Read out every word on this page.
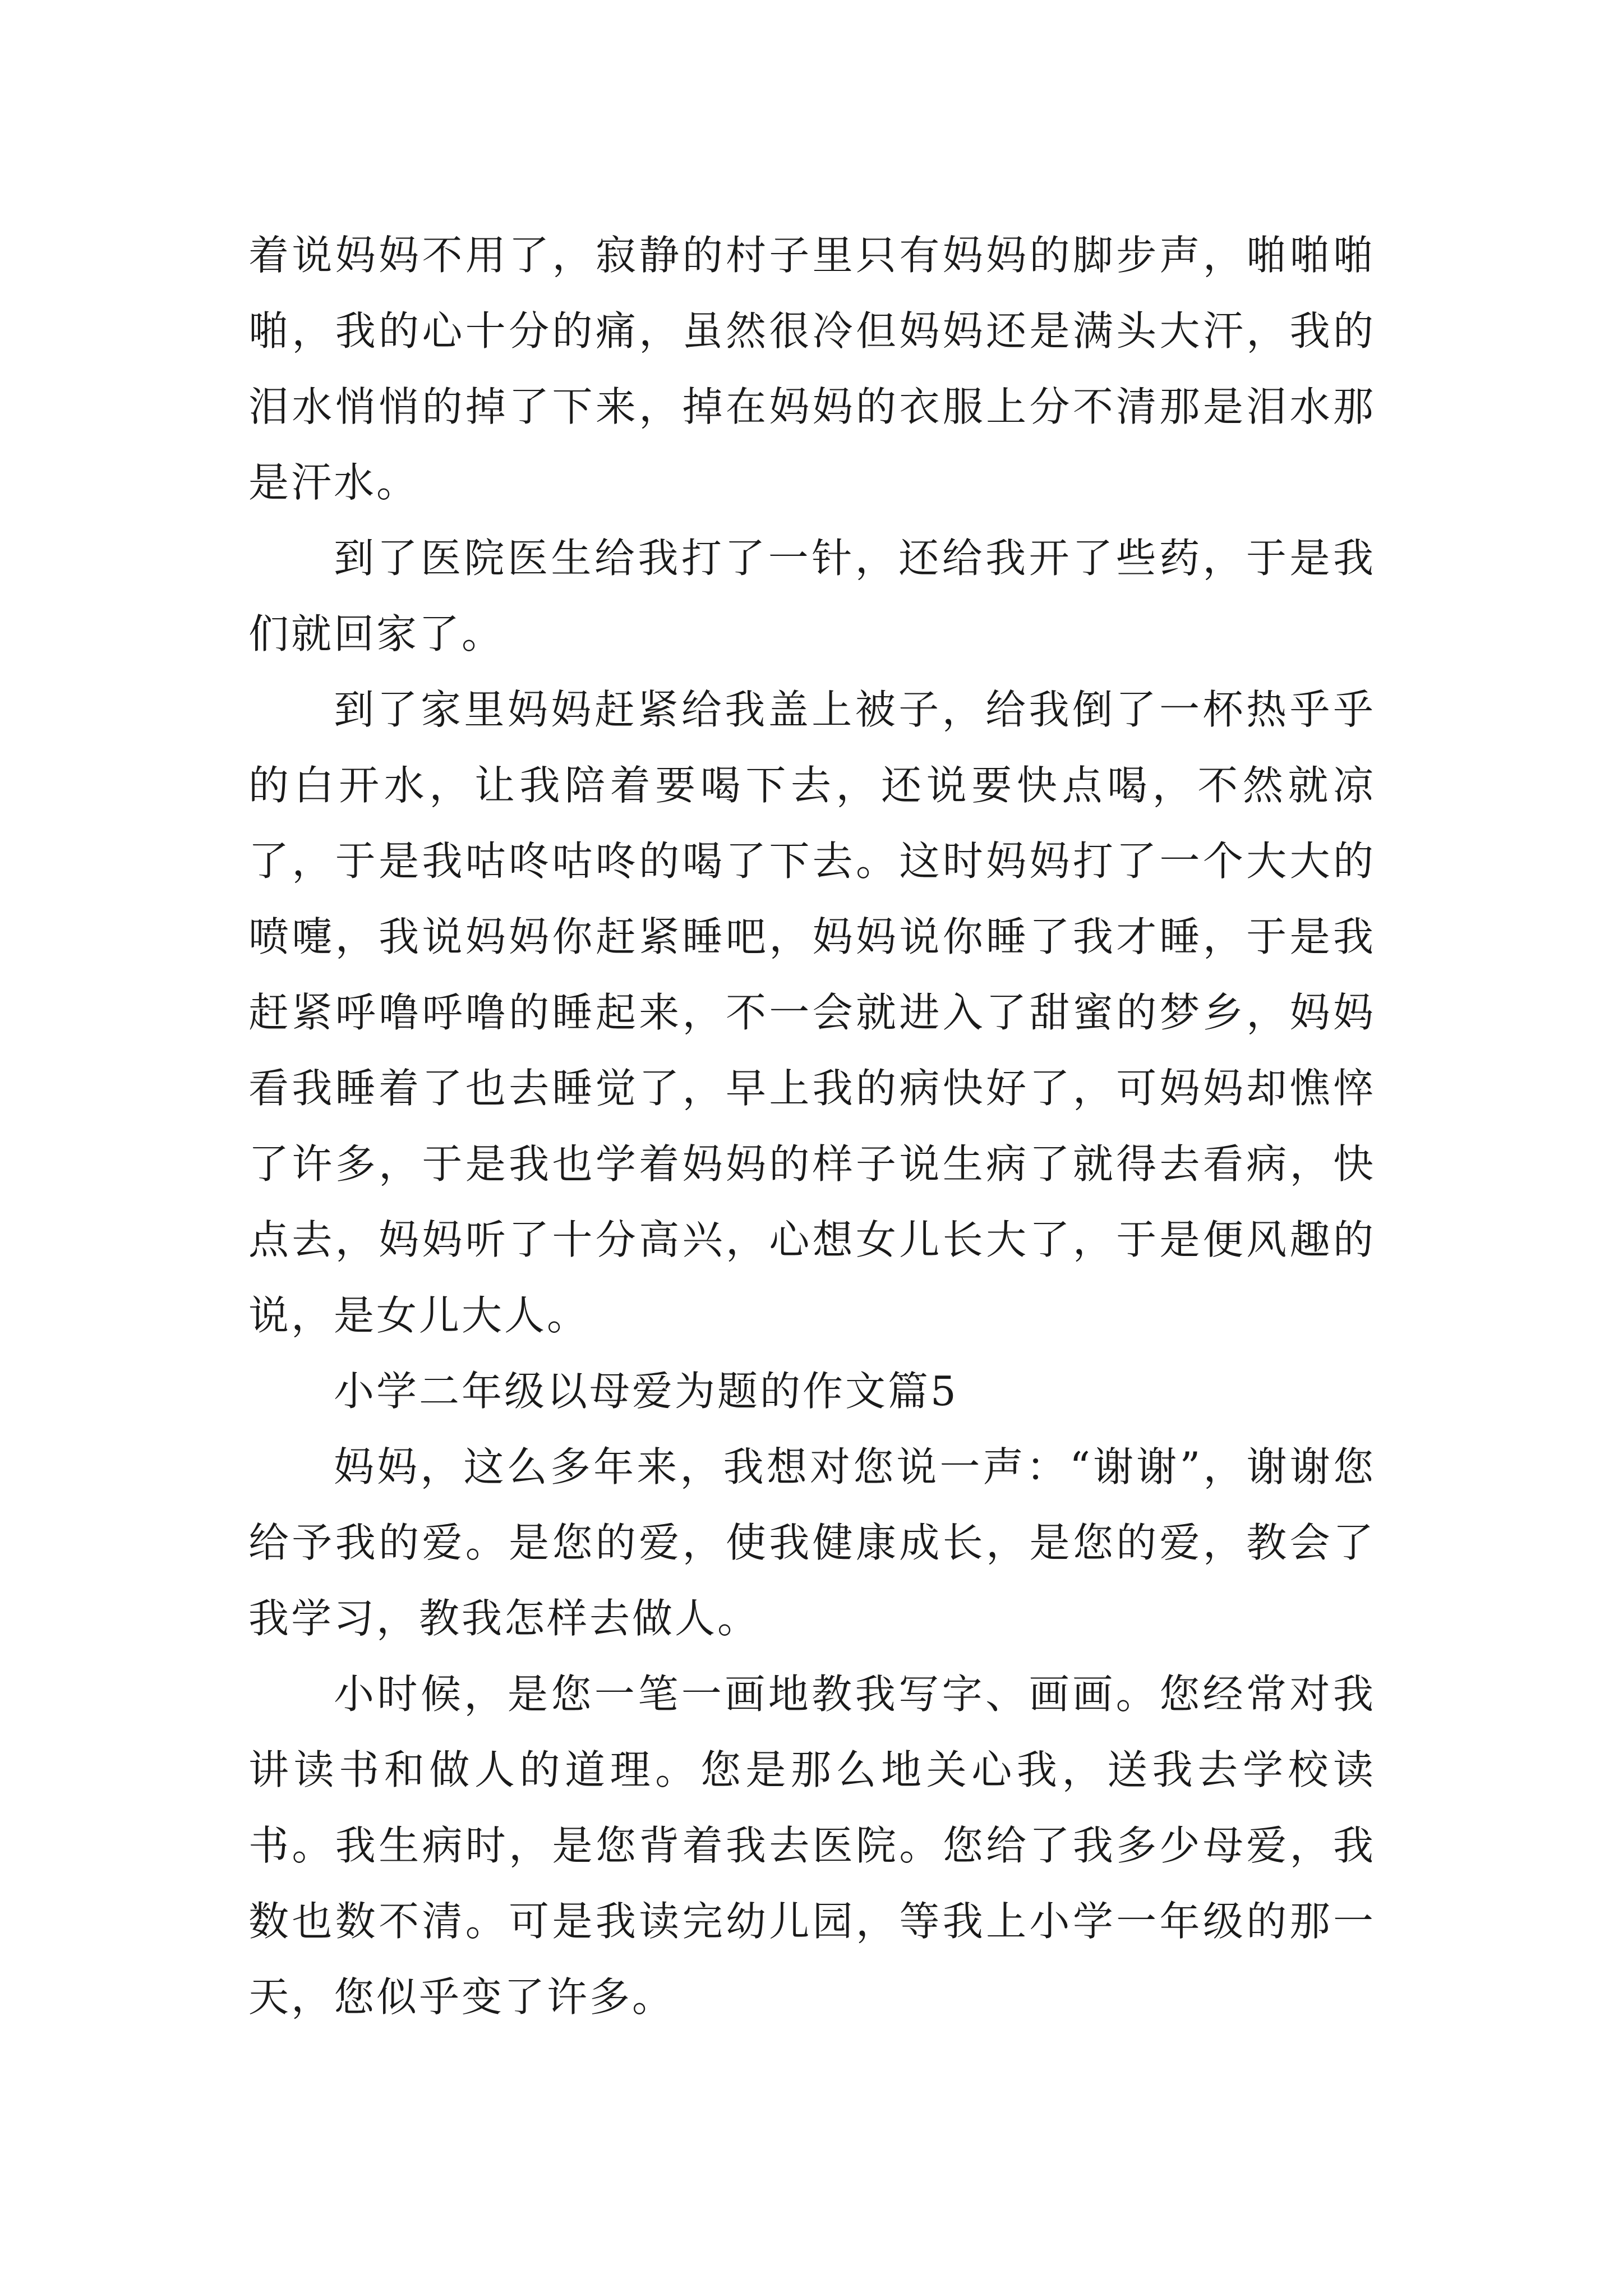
着说妈妈不用了，寂静的村子里只有妈妈的脚步声，啪啪啪啪，我的心十分的痛，虽然很冷但妈妈还是满头大汗，我的泪水悄悄的掉了下来，掉在妈妈的衣服上分不清那是泪水那是汗水。

到了医院医生给我打了一针，还给我开了些药，于是我们就回家了。

到了家里妈妈赶紧给我盖上被子，给我倒了一杯热乎乎的白开水，让我陪着要喝下去，还说要快点喝，不然就凉了，于是我咕咚咕咚的喝了下去。这时妈妈打了一个大大的喷嚏，我说妈妈你赶紧睡吧，妈妈说你睡了我才睡，于是我赶紧呼噜呼噜的睡起来，不一会就进入了甜蜜的梦乡，妈妈看我睡着了也去睡觉了，早上我的病快好了，可妈妈却憔悴了许多，于是我也学着妈妈的样子说生病了就得去看病，快点去，妈妈听了十分高兴，心想女儿长大了，于是便风趣的说，是女儿大人。

小学二年级以母爱为题的作文篇5

妈妈，这么多年来，我想对您说一声：“谢谢”，谢谢您给予我的爱。是您的爱，使我健康成长，是您的爱，教会了我学习，教我怎样去做人。

小时候，是您一笔一画地教我写字、画画。您经常对我讲读书和做人的道理。您是那么地关心我，送我去学校读书。我生病时，是您背着我去医院。您给了我多少母爱，我数也数不清。可是我读完幼儿园，等我上小学一年级的那一天，您似乎变了许多。
